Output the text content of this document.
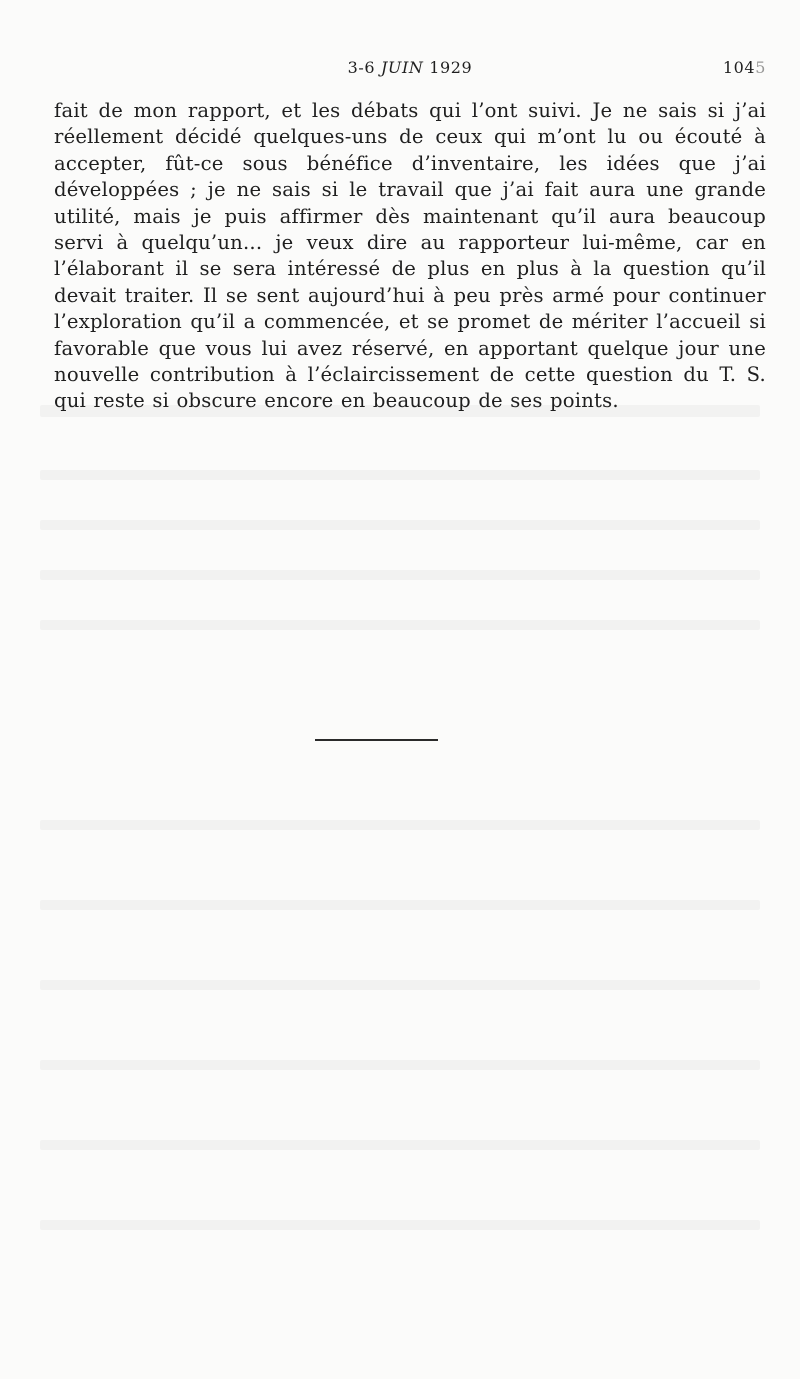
3-6 JUIN 1929	1045

fait de mon rapport, et les débats qui l’ont suivi. Je ne sais si j’ai réellement décidé quelques-uns de ceux qui m’ont lu ou écouté à accepter, fût-ce sous bénéfice d’inventaire, les idées que j’ai développées ; je ne sais si le travail que j’ai fait aura une grande utilité, mais je puis affirmer dès maintenant qu’il aura beaucoup servi à quelqu’un... je veux dire au rapporteur lui-même, car en l’élaborant il se sera intéressé de plus en plus à la question qu’il devait traiter. Il se sent aujourd’hui à peu près armé pour continuer l’exploration qu’il a commencée, et se promet de mériter l’accueil si favorable que vous lui avez réservé, en apportant quelque jour une nouvelle contribution à l’éclaircissement de cette question du T. S. qui reste si obscure encore en beaucoup de ses points.
